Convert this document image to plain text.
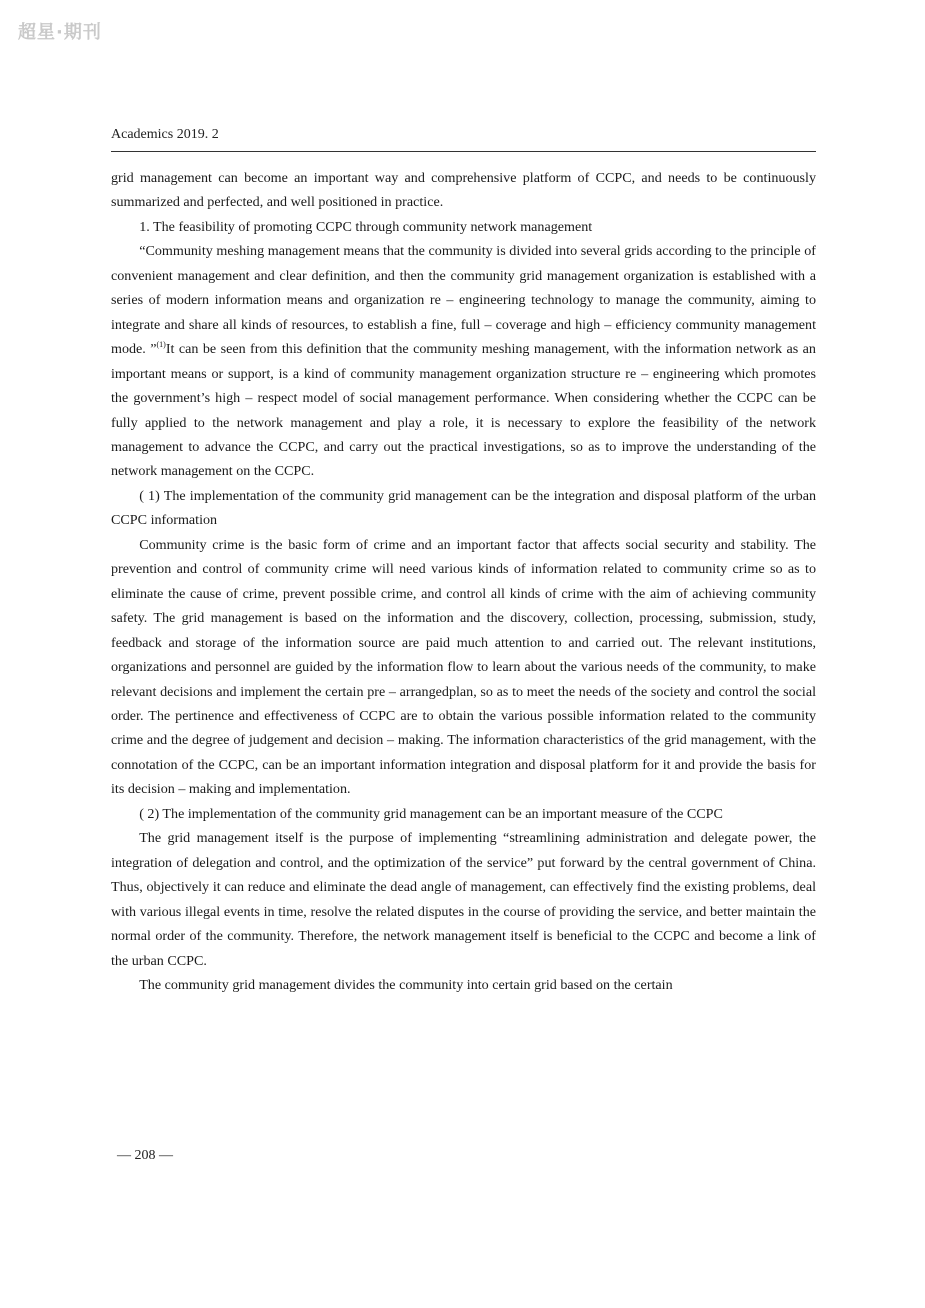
超星·期刊
Academics 2019. 2

grid management can become an important way and comprehensive platform of CCPC, and needs to be continuously summarized and perfected, and well positioned in practice.

1. The feasibility of promoting CCPC through community network management

“Community meshing management means that the community is divided into several grids according to the principle of convenient management and clear definition, and then the community grid management organization is established with a series of modern information means and organization re – engineering technology to manage the community, aiming to integrate and share all kinds of resources, to establish a fine, full – coverage and high – efficiency community management mode. ”$^{(1)}$It can be seen from this definition that the community meshing management, with the information network as an important means or support, is a kind of community management organization structure re – engineering which promotes the government’s high – respect model of social management performance. When considering whether the CCPC can be fully applied to the network management and play a role, it is necessary to explore the feasibility of the network management to advance the CCPC, and carry out the practical investigations, so as to improve the understanding of the network management on the CCPC.

( 1) The implementation of the community grid management can be the integration and disposal platform of the urban CCPC information

Community crime is the basic form of crime and an important factor that affects social security and stability. The prevention and control of community crime will need various kinds of information related to community crime so as to eliminate the cause of crime, prevent possible crime, and control all kinds of crime with the aim of achieving community safety. The grid management is based on the information and the discovery, collection, processing, submission, study, feedback and storage of the information source are paid much attention to and carried out. The relevant institutions, organizations and personnel are guided by the information flow to learn about the various needs of the community, to make relevant decisions and implement the certain pre – arrangedplan, so as to meet the needs of the society and control the social order. The pertinence and effectiveness of CCPC are to obtain the various possible information related to the community crime and the degree of judgement and decision – making. The information characteristics of the grid management, with the connotation of the CCPC, can be an important information integration and disposal platform for it and provide the basis for its decision – making and implementation.

( 2) The implementation of the community grid management can be an important measure of the CCPC

The grid management itself is the purpose of implementing “streamlining administration and delegate power, the integration of delegation and control, and the optimization of the service” put forward by the central government of China. Thus, objectively it can reduce and eliminate the dead angle of management, can effectively find the existing problems, deal with various illegal events in time, resolve the related disputes in the course of providing the service, and better maintain the normal order of the community. Therefore, the network management itself is beneficial to the CCPC and become a link of the urban CCPC.

The community grid management divides the community into certain grid based on the certain

— 208 —
